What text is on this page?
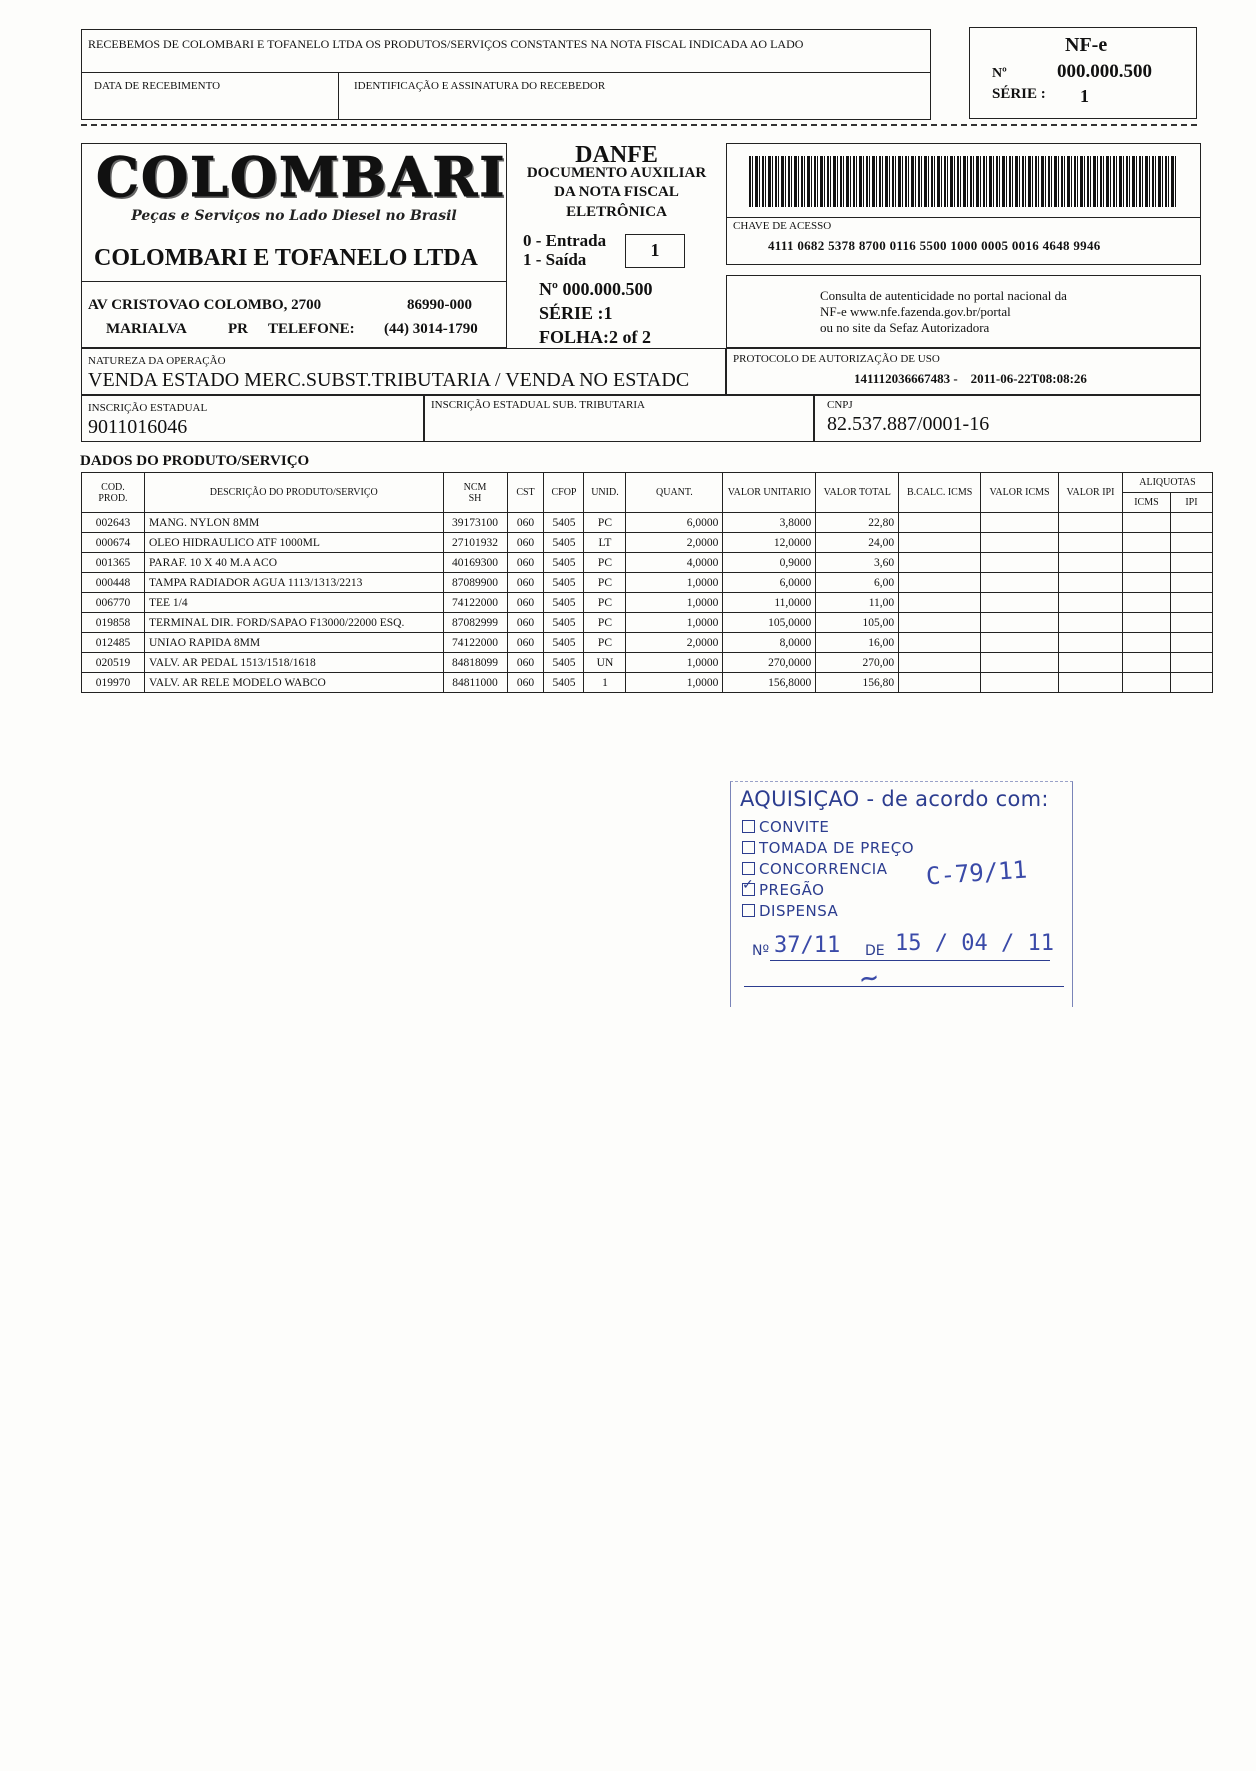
RECEBEMOS DE COLOMBARI E TOFANELO LTDA OS PRODUTOS/SERVIÇOS CONSTANTES NA NOTA FISCAL INDICADA AO LADO
DATA DE RECEBIMENTO	IDENTIFICAÇÃO E ASSINATURA DO RECEBEDOR
NF-e
Nº	000.000.500
SÉRIE : 1
COLOMBARI
Peças e Serviços no Lado Diesel no Brasil
COLOMBARI E TOFANELO LTDA
AV CRISTOVAO COLOMBO, 2700	86990-000
MARIALVA	PR TELEFONE: (44) 3014-1790
DANFE
DOCUMENTO AUXILIAR
DA NOTA FISCAL
ELETRÔNICA
0 - Entrada
1 - Saída	1
Nº 000.000.500
SÉRIE :1
FOLHA:2 of 2
CHAVE DE ACESSO
4111 0682 5378 8700 0116 5500 1000 0005 0016 4648 9946
Consulta de autenticidade no portal nacional da
NF-e www.nfe.fazenda.gov.br/portal
ou no site da Sefaz Autorizadora
NATUREZA DA OPERAÇÃO
VENDA ESTADO MERC.SUBST.TRIBUTARIA / VENDA NO ESTADC
PROTOCOLO DE AUTORIZAÇÃO DE USO
141112036667483 -    2011-06-22T08:08:26
INSCRIÇÃO ESTADUAL
9011016046
INSCRIÇÃO ESTADUAL SUB. TRIBUTARIA	CNPJ
82.537.887/0001-16
DADOS DO PRODUTO/SERVIÇO
COD.
PROD.	DESCRIÇÃO DO PRODUTO/SERVIÇO	NCM
SH	CST	CFOP	UNID.	QUANT.	VALOR UNITARIO	VALOR TOTAL	B.CALC. ICMS	VALOR ICMS	VALOR IPI	ALIQUOTAS	
												ICMS	IPI
002643	MANG. NYLON 8MM	39173100	060	5405	PC	6,0000	3,8000	22,80					
000674	OLEO HIDRAULICO ATF 1000ML	27101932	060	5405	LT	2,0000	12,0000	24,00					
001365	PARAF. 10 X 40 M.A ACO	40169300	060	5405	PC	4,0000	0,9000	3,60					
000448	TAMPA RADIADOR AGUA 1113/1313/2213	87089900	060	5405	PC	1,0000	6,0000	6,00					
006770	TEE 1/4	74122000	060	5405	PC	1,0000	11,0000	11,00					
019858	TERMINAL DIR. FORD/SAPAO F13000/22000 ESQ.	87082999	060	5405	PC	1,0000	105,0000	105,00					
012485	UNIAO RAPIDA 8MM	74122000	060	5405	PC	2,0000	8,0000	16,00					
020519	VALV. AR PEDAL 1513/1518/1618	84818099	060	5405	UN	1,0000	270,0000	270,00					
019970	VALV. AR RELE MODELO WABCO	84811000	060	5405	1	1,0000	156,8000	156,80					
AQUISIÇAO - de acordo com:
CONVITE
TOMADA DE PREÇO
CONCORRENCIA C-79/11
✓ PREGÃO
DISPENSA
Nº 37/11 DE 15 / 04 / 11
~
